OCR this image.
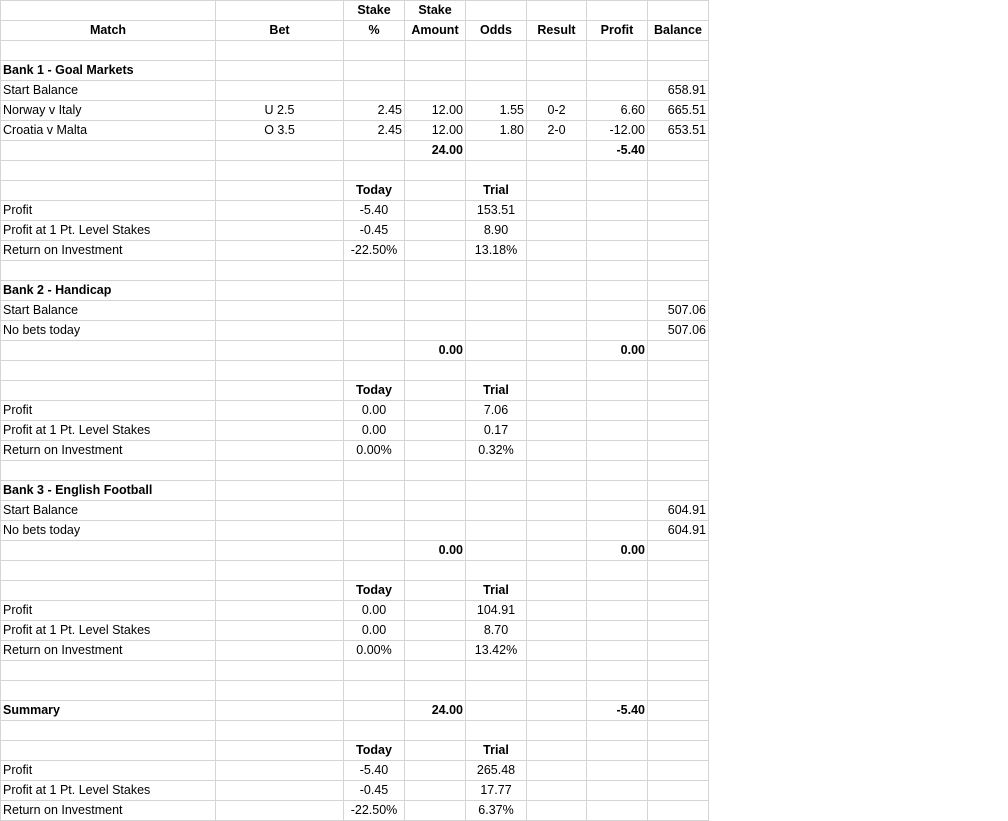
		Stake	Stake				
Match	Bet	%	Amount	Odds	Result	Profit	Balance

Bank 1 - Goal Markets							
Start Balance							658.91
Norway v Italy	U 2.5	2.45	12.00	1.55	0-2	6.60	665.51
Croatia v Malta	O 3.5	2.45	12.00	1.80	2-0	-12.00	653.51
			24.00			-5.40	

		Today		Trial			
Profit		-5.40		153.51			
Profit at 1 Pt. Level Stakes		-0.45		8.90			
Return on Investment		-22.50%		13.18%			

Bank 2 - Handicap							
Start Balance							507.06
No bets today							507.06
			0.00			0.00	

		Today		Trial			
Profit		0.00		7.06			
Profit at 1 Pt. Level Stakes		0.00		0.17			
Return on Investment		0.00%		0.32%			

Bank 3 - English Football							
Start Balance							604.91
No bets today							604.91
			0.00			0.00	

		Today		Trial			
Profit		0.00		104.91			
Profit at 1 Pt. Level Stakes		0.00		8.70			
Return on Investment		0.00%		13.42%			

Summary			24.00			-5.40	

		Today		Trial			
Profit		-5.40		265.48			
Profit at 1 Pt. Level Stakes		-0.45		17.77			
Return on Investment		-22.50%		6.37%			
